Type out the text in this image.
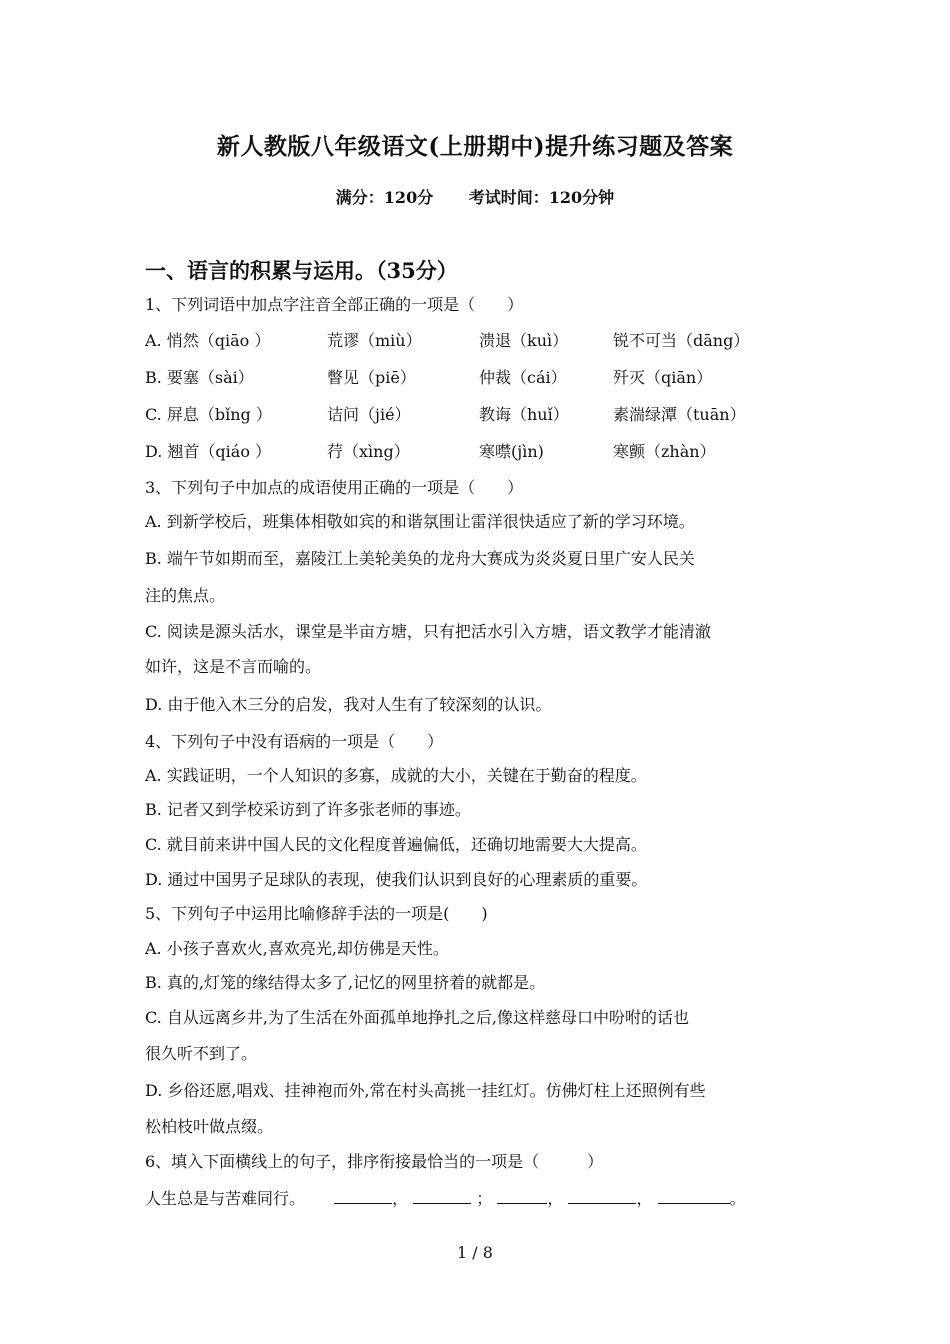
新人教版八年级语文(上册期中)提升练习题及答案
满分：120分 考试时间：120分钟
一、语言的积累与运用。（35分）
1、下列词语中加点字注音全部正确的一项是（　　）
A. 悄然（qiāo ）	荒谬（miù）	溃退（kuì）	锐不可当（dāng）
B. 要塞（sài）	瞥见（piē）	仲裁（cái）	歼灭（qiān）
C. 屏息（bǐng ）	诘问（jié）	教诲（huǐ）	素湍绿潭（tuān）
D. 翘首（qiáo ）	荇（xìng）	寒噤(jìn)	寒颤（zhàn）
3、下列句子中加点的成语使用正确的一项是（　　）
A. 到新学校后，班集体相敬如宾的和谐氛围让雷洋很快适应了新的学习环境。
B. 端午节如期而至，嘉陵江上美轮美奂的龙舟大赛成为炎炎夏日里广安人民关
注的焦点。
C. 阅读是源头活水，课堂是半亩方塘，只有把活水引入方塘，语文教学才能清澈
如许，这是不言而喻的。
D. 由于他入木三分的启发，我对人生有了较深刻的认识。
4、下列句子中没有语病的一项是（　　）
A. 实践证明，一个人知识的多寡，成就的大小，关键在于勤奋的程度。
B. 记者又到学校采访到了许多张老师的事迹。
C. 就目前来讲中国人民的文化程度普遍偏低，还确切地需要大大提高。
D. 通过中国男子足球队的表现，使我们认识到良好的心理素质的重要。
5、下列句子中运用比喻修辞手法的一项是(　　)
A. 小孩子喜欢火,喜欢亮光,却仿佛是天性。
B. 真的,灯笼的缘结得太多了,记忆的网里挤着的就都是。
C. 自从远离乡井,为了生活在外面孤单地挣扎之后,像这样慈母口中吩咐的话也
很久听不到了。
D. 乡俗还愿,唱戏、挂神袍而外,常在村头高挑一挂红灯。仿佛灯柱上还照例有些
松柏枝叶做点缀。
6、填入下面横线上的句子，排序衔接最恰当的一项是（　　　）
人生总是与苦难同行。	，	；	，	，	。
1 / 8
